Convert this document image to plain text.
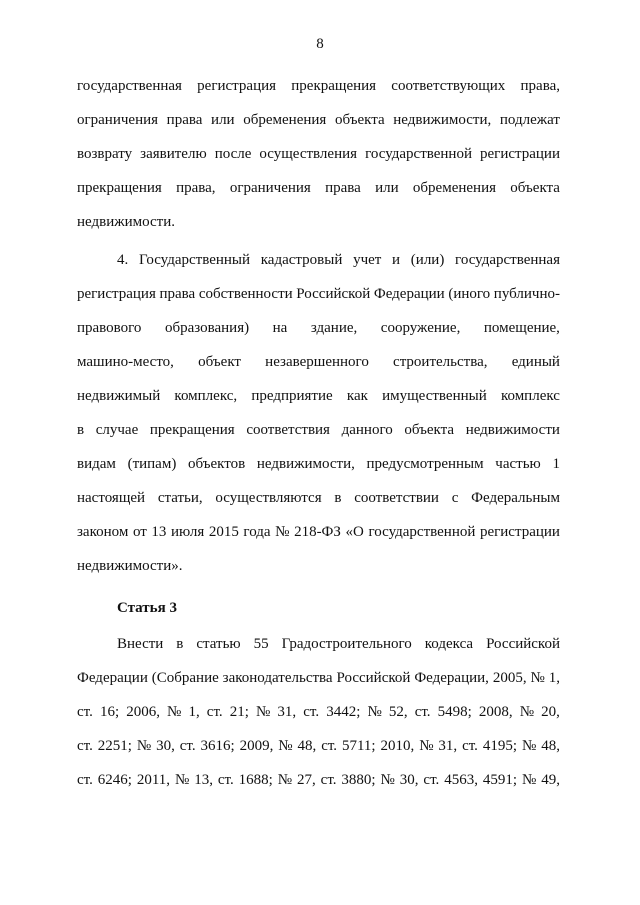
8
государственная регистрация прекращения соответствующих права,
ограничения права или обременения объекта недвижимости, подлежат
возврату заявителю после осуществления государственной регистрации
прекращения права, ограничения права или обременения объекта
недвижимости.
4. Государственный кадастровый учет и (или) государственная
регистрация права собственности Российской Федерации (иного публично-
правового образования) на здание, сооружение, помещение,
машино-место, объект незавершенного строительства, единый
недвижимый комплекс, предприятие как имущественный комплекс
в случае прекращения соответствия данного объекта недвижимости
видам (типам) объектов недвижимости, предусмотренным частью 1
настоящей статьи, осуществляются в соответствии с Федеральным
законом от 13 июля 2015 года № 218-ФЗ «О государственной регистрации
недвижимости».
Статья 3
Внести в статью 55 Градостроительного кодекса Российской
Федерации (Собрание законодательства Российской Федерации, 2005, № 1,
ст. 16; 2006, № 1, ст. 21; № 31, ст. 3442; № 52, ст. 5498; 2008, № 20,
ст. 2251; № 30, ст. 3616; 2009, № 48, ст. 5711; 2010, № 31, ст. 4195; № 48,
ст. 6246; 2011, № 13, ст. 1688; № 27, ст. 3880; № 30, ст. 4563, 4591; № 49,
